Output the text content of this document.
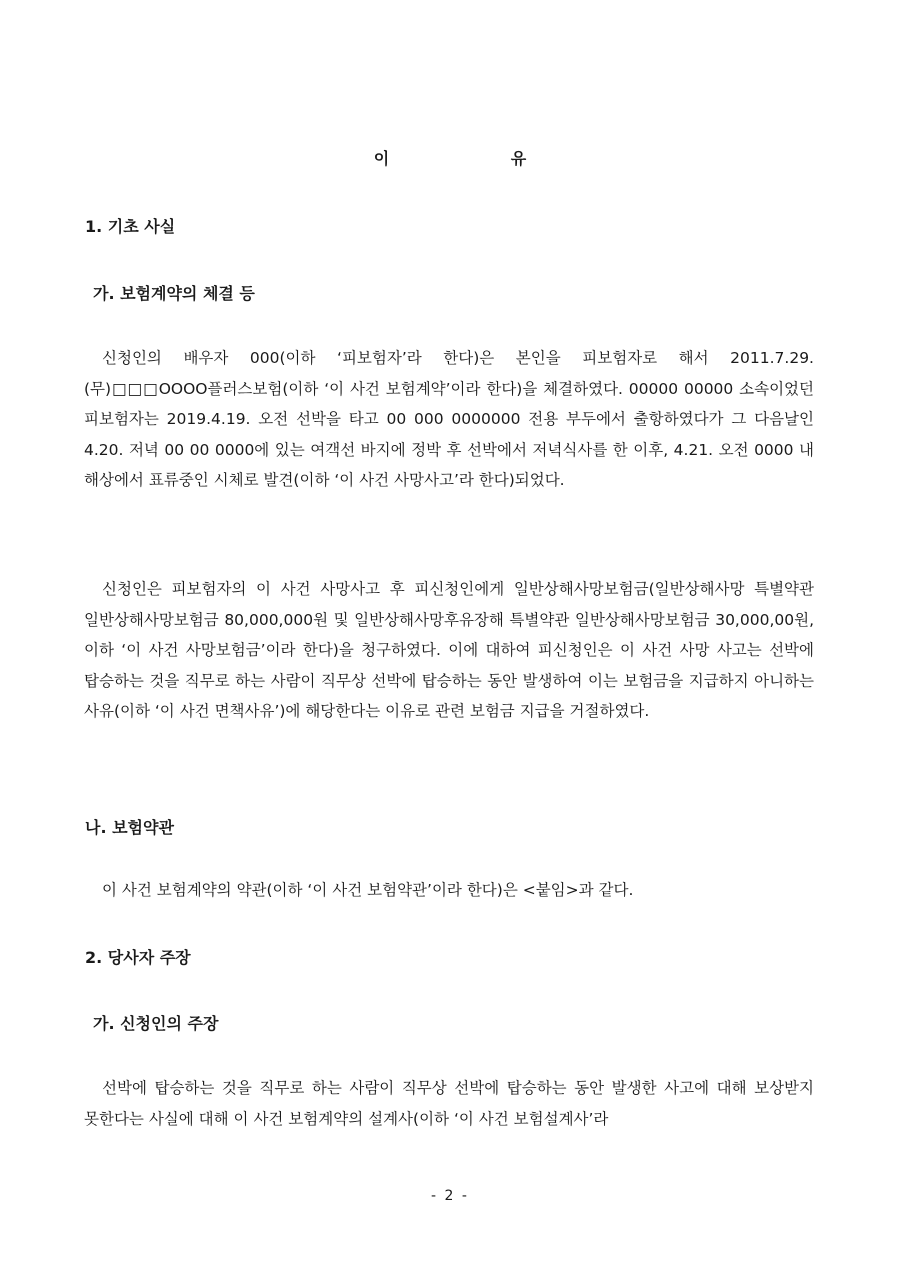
이 유
1. 기초 사실
가. 보험계약의 체결 등
신청인의 배우자 000(이하 ‘피보험자’라 한다)은 본인을 피보험자로 해서 2011.7.29. (무)□□□OOOO플러스보험(이하 ‘이 사건 보험계약’이라 한다)을 체결하였다. 00000 00000 소속이었던 피보험자는 2019.4.19. 오전 선박을 타고 00 000 0000000 전용 부두에서 출항하였다가 그 다음날인 4.20. 저녁 00 00 0000에 있는 여객선 바지에 정박 후 선박에서 저녁식사를 한 이후, 4.21. 오전 0000 내 해상에서 표류중인 시체로 발견(이하 ‘이 사건 사망사고’라 한다)되었다.
신청인은 피보험자의 이 사건 사망사고 후 피신청인에게 일반상해사망보험금(일반상해사망 특별약관 일반상해사망보험금 80,000,000원 및 일반상해사망후유장해 특별약관 일반상해사망보험금 30,000,00원, 이하 ‘이 사건 사망보험금’이라 한다)을 청구하였다. 이에 대하여 피신청인은 이 사건 사망 사고는 선박에 탑승하는 것을 직무로 하는 사람이 직무상 선박에 탑승하는 동안 발생하여 이는 보험금을 지급하지 아니하는 사유(이하 ‘이 사건 면책사유’)에 해당한다는 이유로 관련 보험금 지급을 거절하였다.
나. 보험약관
이 사건 보험계약의 약관(이하 ‘이 사건 보험약관’이라 한다)은 <붙임>과 같다.
2. 당사자 주장
가. 신청인의 주장
선박에 탑승하는 것을 직무로 하는 사람이 직무상 선박에 탑승하는 동안 발생한 사고에 대해 보상받지 못한다는 사실에 대해 이 사건 보험계약의 설계사(이하 ‘이 사건 보험설계사’라
- 2 -
